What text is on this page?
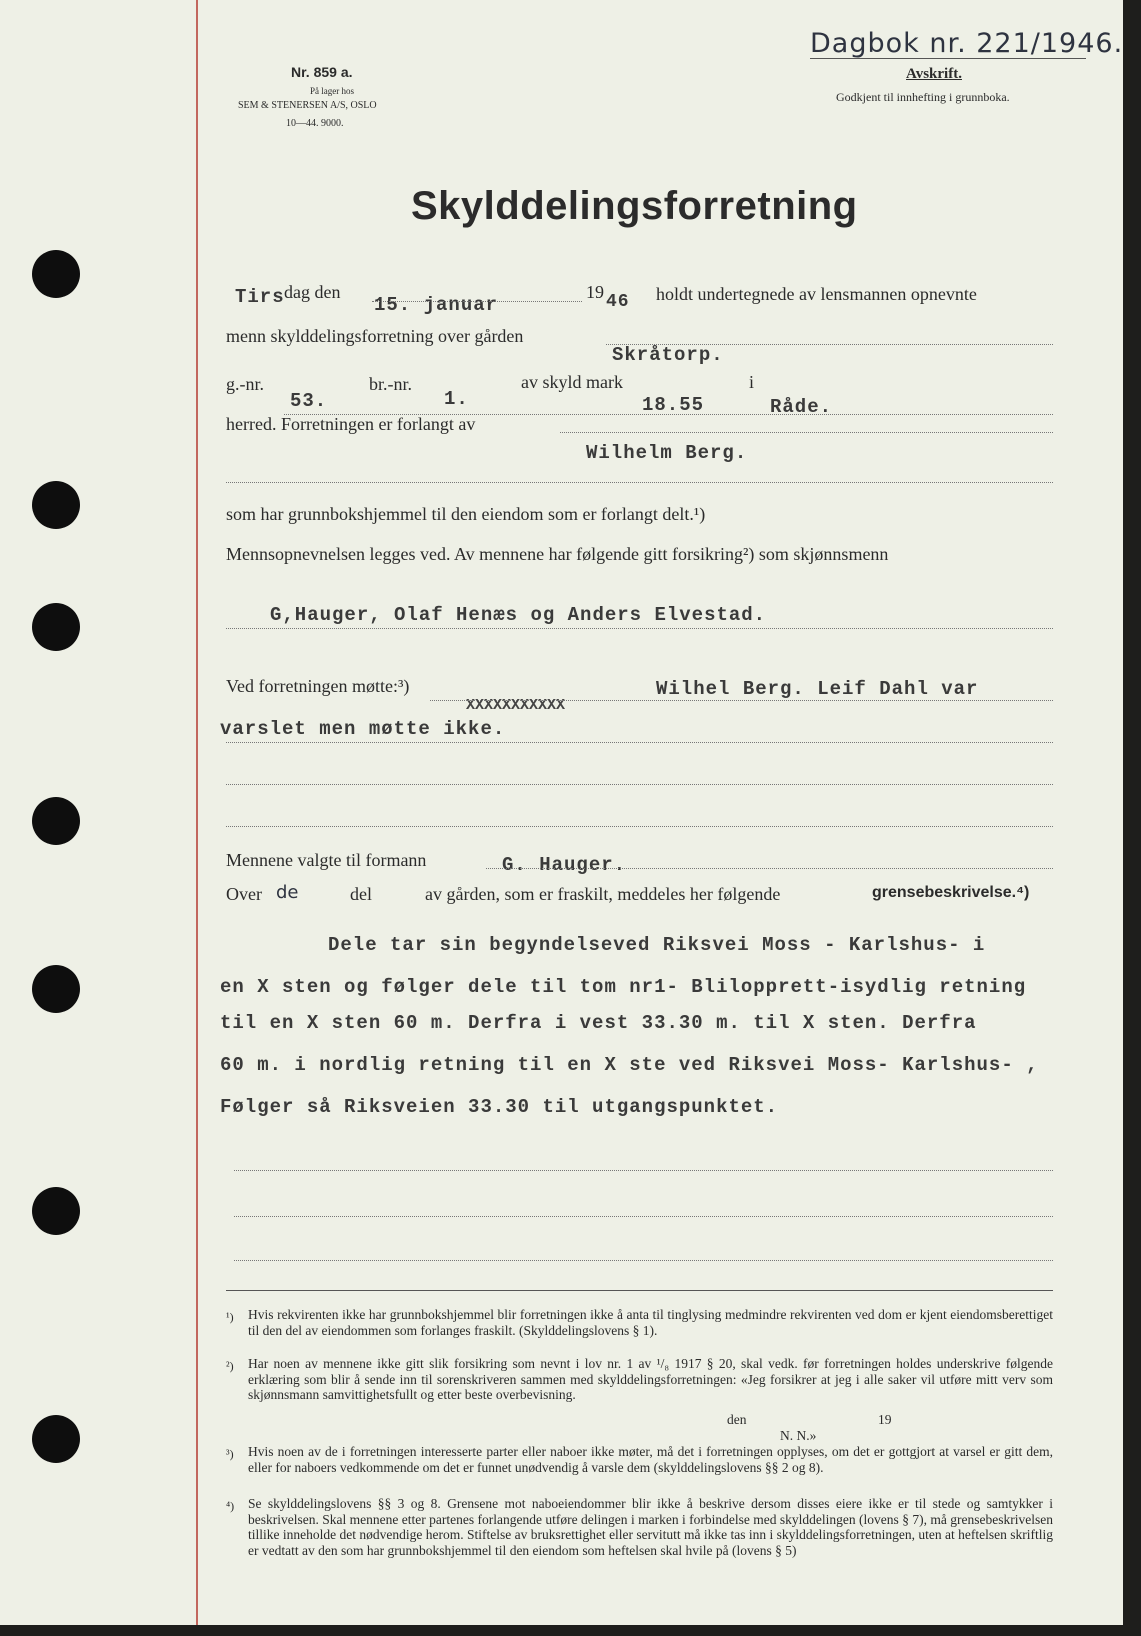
Dagbok nr. 221/1946.
Avskrift.
Godkjent til innhefting i grunnboka.
Nr. 859 a.
På lager hos
SEM & STENERSEN A/S, OSLO
10—44. 9000.
Skylddelingsforretning
Tirs dag den
15. januar
19 46 holdt undertegnede av lensmannen opnevnte
menn skylddelingsforretning over gården
Skråtorp.
g.-nr.
53.
br.-nr.
1.
av skyld mark
18.55
i
Råde.
herred. Forretningen er forlangt av
Wilhelm Berg.
som har grunnbokshjemmel til den eiendom som er forlangt delt.¹)
Mennsopnevnelsen legges ved. Av mennene har følgende gitt forsikring²) som skjønnsmenn
G,Hauger, Olaf Henæs og Anders Elvestad.
Ved forretningen møtte:³)
XXXXXXXXXXX
Wilhel Berg. Leif Dahl var
varslet men møtte ikke.
Mennene valgte til formann	G. Hauger.
Over de	del	av gården, som er fraskilt, meddeles her følgende	grensebeskrivelse.⁴)
Dele tar sin begyndelseved Riksvei Moss - Karlshus- i
en X sten og følger dele til tom nr1- Blilopprett-isydlig retning
til en X sten 60 m. Derfra i vest 33.30 m. til X sten. Derfra
60 m. i nordlig retning til en X ste ved Riksvei Moss- Karlshus- ,
Følger så Riksveien 33.30 til utgangspunktet.
¹) Hvis rekvirenten ikke har grunnbokshjemmel blir forretningen ikke å anta til tinglysing medmindre rekvirenten ved dom er kjent eiendomsberettiget til den del av eiendommen som forlanges fraskilt. (Skylddelingslovens § 1).
²) Har noen av mennene ikke gitt slik forsikring som nevnt i lov nr. 1 av ¹/₈ 1917 § 20, skal vedk. før forretningen holdes underskrive følgende erklæring som blir å sende inn til sorenskriveren sammen med skylddelingsforretningen: «Jeg forsikrer at jeg i alle saker vil utføre mitt verv som skjønnsmann samvittighetsfullt og etter beste overbevisning.
den	19
N. N.»
³) Hvis noen av de i forretningen interesserte parter eller naboer ikke møter, må det i forretningen opplyses, om det er gottgjort at varsel er gitt dem, eller for naboers vedkommende om det er funnet unødvendig å varsle dem (skylddelingslovens §§ 2 og 8).
⁴) Se skylddelingslovens §§ 3 og 8. Grensene mot naboeiendommer blir ikke å beskrive dersom disses eiere ikke er til stede og samtykker i beskrivelsen. Skal mennene etter partenes forlangende utføre delingen i marken i forbindelse med skylddelingen (lovens § 7), må grensebeskrivelsen tillike inneholde det nødvendige herom. Stiftelse av bruksrettighet eller servitutt må ikke tas inn i skylddelingsforretningen, uten at heftelsen skriftlig er vedtatt av den som har grunnbokshjemmel til den eiendom som heftelsen skal hvile på (lovens § 5)
